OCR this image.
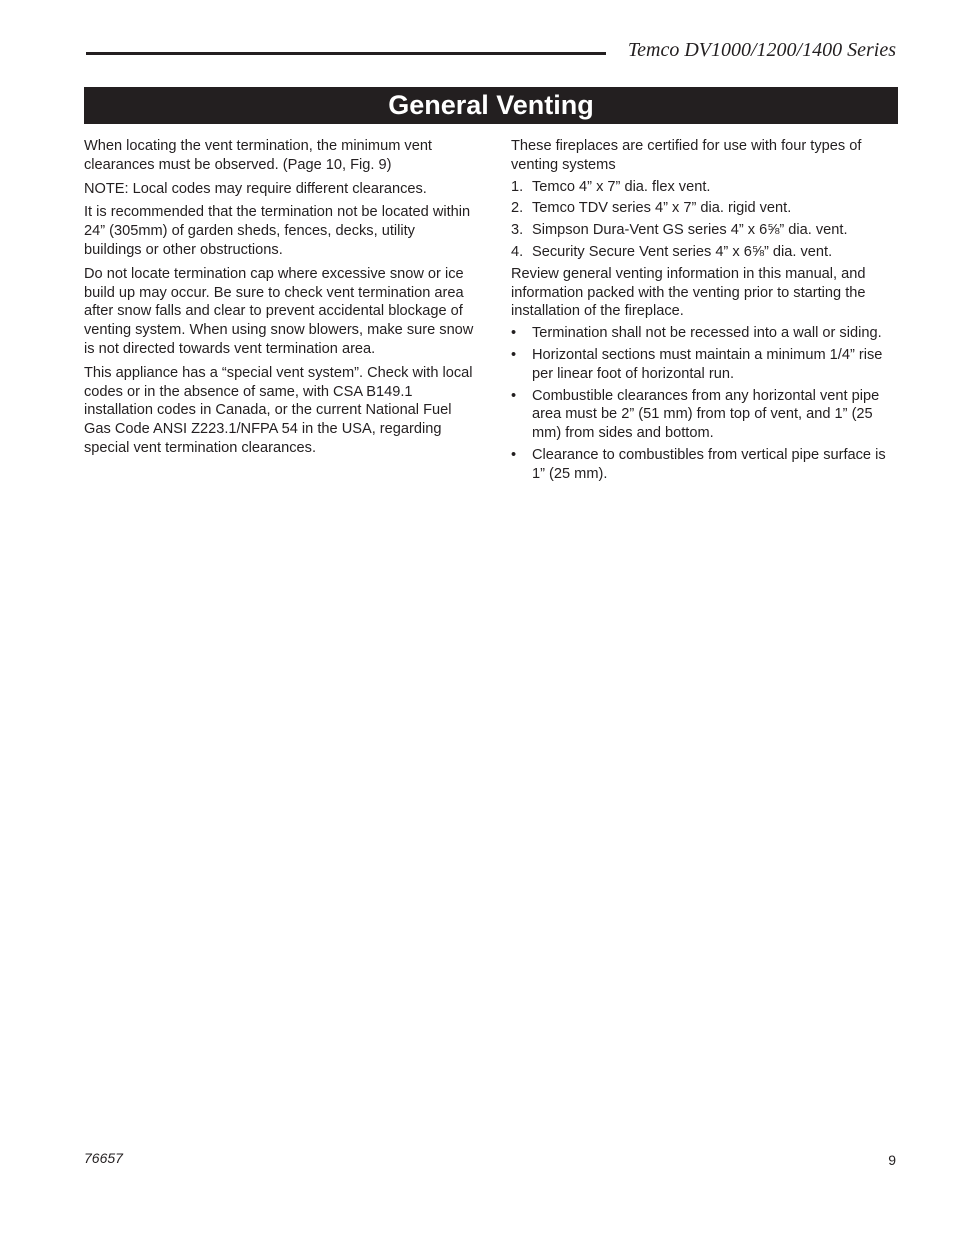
Temco DV1000/1200/1400 Series
General Venting

When locating the vent termination, the minimum vent clearances must be observed. (Page 10, Fig. 9)

NOTE: Local codes may require different clearances.

It is recommended that the termination not be located within 24” (305mm) of garden sheds, fences, decks, utility buildings or other obstructions.

Do not locate termination cap where excessive snow or ice build up may occur. Be sure to check vent termination area after snow falls and clear to prevent accidental blockage of venting system. When using snow blowers, make sure snow is not directed towards vent termination area.

This appliance has a “special vent system”. Check with local codes or in the absence of same, with CSA B149.1 installation codes in Canada, or the current National Fuel Gas Code ANSI Z223.1/NFPA 54 in the USA, regarding special vent termination clearances.

These fireplaces are certified for use with four types of venting systems

1. Temco 4” x 7” dia. flex vent.
2. Temco TDV series 4” x 7” dia. rigid vent.
3. Simpson Dura-Vent GS series 4” x 6⅝” dia. vent.
4. Security Secure Vent series 4” x 6⅝” dia. vent.

Review general venting information in this manual, and information packed with the venting prior to starting the installation of the fireplace.

• Termination shall not be recessed into a wall or siding.
• Horizontal sections must maintain a minimum 1/4” rise per linear foot of horizontal run.
• Combustible clearances from any horizontal vent pipe area must be 2” (51 mm) from top of vent, and 1” (25 mm) from sides and bottom.
• Clearance to combustibles from vertical pipe surface is 1” (25 mm).
76657	9
